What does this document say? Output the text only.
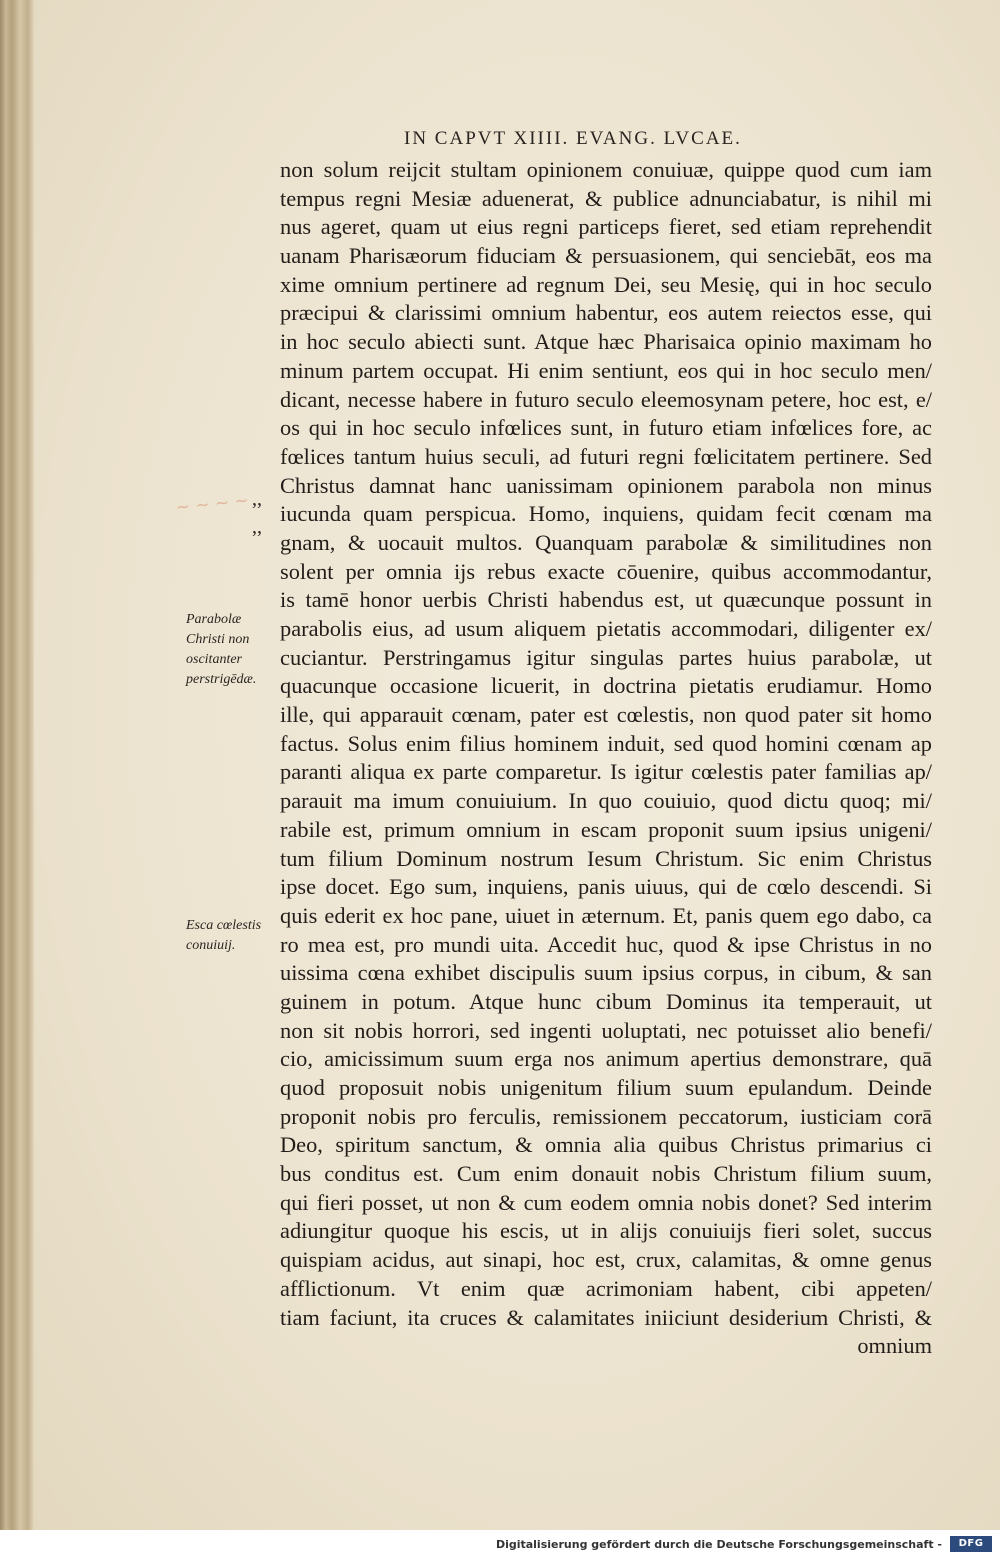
IN CAPVT XIIII. EVANG. LVCAE.
non solum reijcit stultam opinionem conuiuæ, quippe quod cum iam
tempus regni Mesiæ aduenerat, & publice adnunciabatur, is nihil mi
nus ageret, quam ut eius regni particeps fieret, sed etiam reprehendit
uanam Pharisæorum fiduciam & persuasionem, qui senciebāt, eos ma
xime omnium pertinere ad regnum Dei, seu Mesię, qui in hoc seculo
præcipui & clarissimi omnium habentur, eos autem reiectos esse, qui
in hoc seculo abiecti sunt. Atque hæc Pharisaica opinio maximam ho
minum partem occupat. Hi enim sentiunt, eos qui in hoc seculo men/
dicant, necesse habere in futuro seculo eleemosynam petere, hoc est, e/
os qui in hoc seculo infœlices sunt, in futuro etiam infœlices fore, ac
fœlices tantum huius seculi, ad futuri regni fœlicitatem pertinere. Sed
Christus damnat hanc uanissimam opinionem parabola non minus
iucunda quam perspicua. Homo, inquiens, quidam fecit cœnam ma
gnam, & uocauit multos. Quanquam parabolæ & similitudines non
solent per omnia ijs rebus exacte cōuenire, quibus accommodantur,
is tamē honor uerbis Christi habendus est, ut quæcunque possunt in
parabolis eius, ad usum aliquem pietatis accommodari, diligenter ex/
cuciantur. Perstringamus igitur singulas partes huius parabolæ, ut
quacunque occasione licuerit, in doctrina pietatis erudiamur. Homo
ille, qui apparauit cœnam, pater est cœlestis, non quod pater sit homo
factus. Solus enim filius hominem induit, sed quod homini cœnam ap
paranti aliqua ex parte comparetur. Is igitur cœlestis pater familias ap/
parauit ma imum conuiuium. In quo couiuio, quod dictu quoq; mi/
rabile est, primum omnium in escam proponit suum ipsius unigeni/
tum filium Dominum nostrum Iesum Christum. Sic enim Christus
ipse docet. Ego sum, inquiens, panis uiuus, qui de cœlo descendi. Si
quis ederit ex hoc pane, uiuet in æternum. Et, panis quem ego dabo, ca
ro mea est, pro mundi uita. Accedit huc, quod & ipse Christus in no
uissima cœna exhibet discipulis suum ipsius corpus, in cibum, & san
guinem in potum. Atque hunc cibum Dominus ita temperauit, ut
non sit nobis horrori, sed ingenti uoluptati, nec potuisset alio benefi/
cio, amicissimum suum erga nos animum apertius demonstrare, quā
quod proposuit nobis unigenitum filium suum epulandum. Deinde
proponit nobis pro ferculis, remissionem peccatorum, iusticiam corā
Deo, spiritum sanctum, & omnia alia quibus Christus primarius ci
bus conditus est. Cum enim donauit nobis Christum filium suum,
qui fieri posset, ut non & cum eodem omnia nobis donet? Sed interim
adiungitur quoque his escis, ut in alijs conuiuijs fieri solet, succus
quispiam acidus, aut sinapi, hoc est, crux, calamitas, & omne genus
afflictionum. Vt enim quæ acrimoniam habent, cibi appeten/
tiam faciunt, ita cruces & calamitates iniiciunt desiderium Christi, &
omnium
,,
,,
​~ ~ ~ ~
Parabolæ
Christi non
oscitanter
perstrigēdæ.
Esca cœlestis
conuiuij.
Digitalisierung gefördert durch die Deutsche Forschungsgemeinschaft -	DFG
